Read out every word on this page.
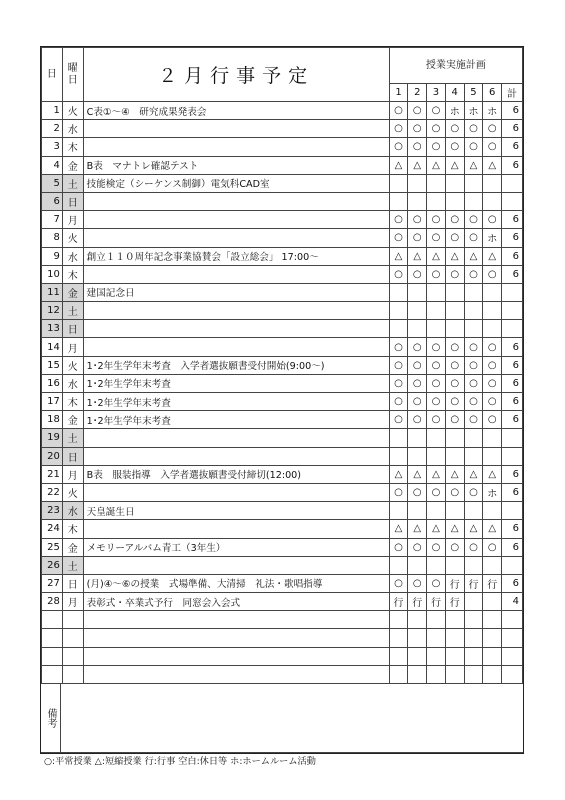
日	曜日	２月行事予定	授業実施計画						
			1	2	3	4	5	6	計
1	火	C表①～④　研究成果発表会	○	○	○	ホ	ホ	ホ	6
2	水		○	○	○	○	○	○	6
3	木		○	○	○	○	○	○	6
4	金	B表　マナトレ確認テスト	△	△	△	△	△	△	6
5	土	技能検定（シーケンス制御）電気科CAD室							
6	日								
7	月		○	○	○	○	○	○	6
8	火		○	○	○	○	○	ホ	6
9	水	創立１１０周年記念事業協賛会「設立総会」 17:00～	△	△	△	△	△	△	6
10	木		○	○	○	○	○	○	6
11	金	建国記念日							
12	土								
13	日								
14	月		○	○	○	○	○	○	6
15	火	1･2年生学年末考査　入学者選抜願書受付開始(9:00～)	○	○	○	○	○	○	6
16	水	1･2年生学年末考査	○	○	○	○	○	○	6
17	木	1･2年生学年末考査	○	○	○	○	○	○	6
18	金	1･2年生学年末考査	○	○	○	○	○	○	6
19	土								
20	日								
21	月	B表　服装指導　入学者選抜願書受付締切(12:00)	△	△	△	△	△	△	6
22	火		○	○	○	○	○	ホ	6
23	水	天皇誕生日							
24	木		△	△	△	△	△	△	6
25	金	メモリーアルバム青工（3年生）	○	○	○	○	○	○	6
26	土								
27	日	(月)④～⑥の授業　式場準備、大清掃　礼法・歌唱指導	○	○	○	行	行	行	6
28	月	表彰式・卒業式予行　同窓会入会式	行	行	行	行			4

備考
○:平常授業 △:短縮授業 行:行事 空白:休日等 ホ:ホームルーム活動
